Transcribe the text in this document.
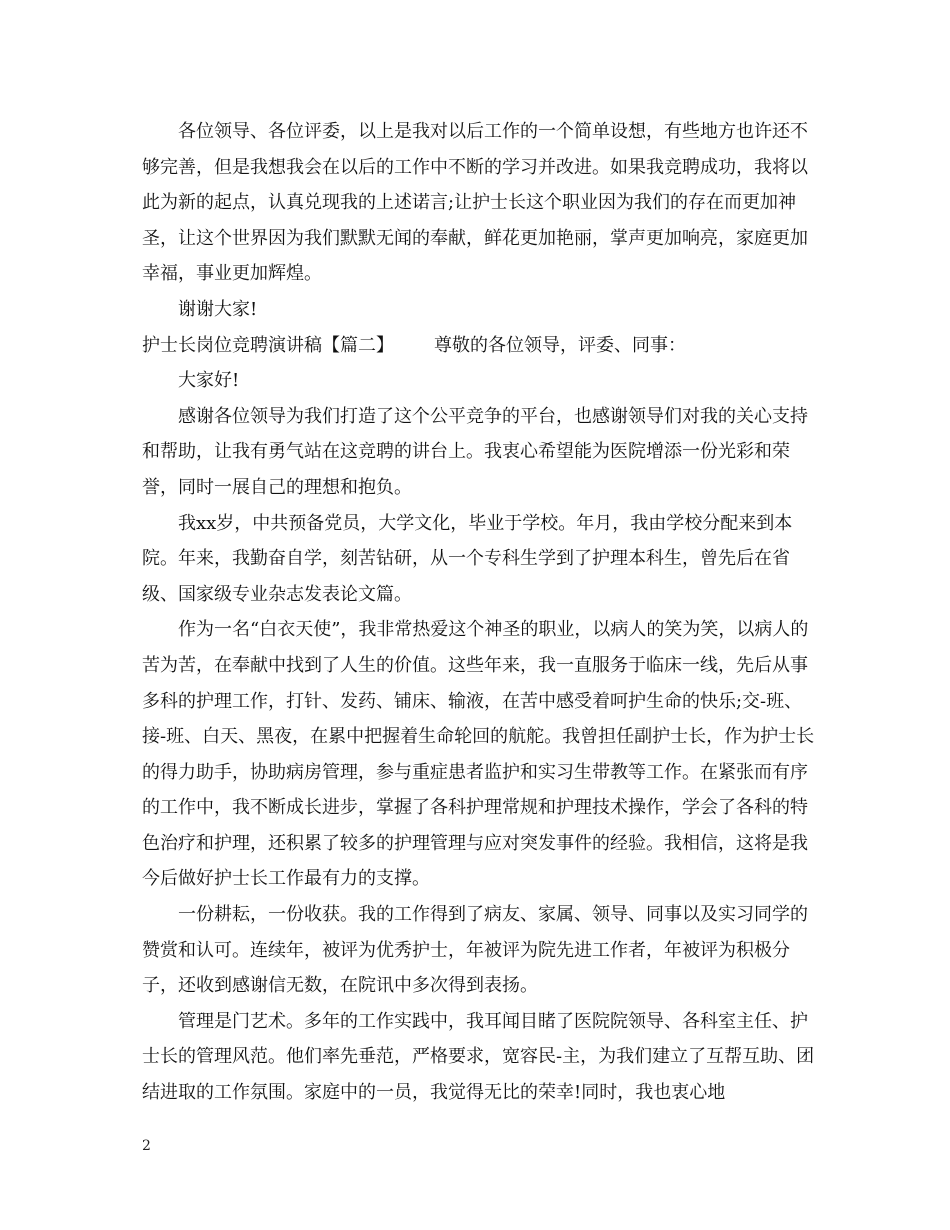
各位领导、各位评委，以上是我对以后工作的一个简单设想，有些地方也许还不够完善，但是我想我会在以后的工作中不断的学习并改进。如果我竞聘成功，我将以此为新的起点，认真兑现我的上述诺言;让护士长这个职业因为我们的存在而更加神圣，让这个世界因为我们默默无闻的奉献，鲜花更加艳丽，掌声更加响亮，家庭更加幸福，事业更加辉煌。

谢谢大家!

护士长岗位竞聘演讲稿【篇二】 尊敬的各位领导，评委、同事：

大家好!

感谢各位领导为我们打造了这个公平竞争的平台，也感谢领导们对我的关心支持和帮助，让我有勇气站在这竞聘的讲台上。我衷心希望能为医院增添一份光彩和荣誉，同时一展自己的理想和抱负。

我xx岁，中共预备党员，大学文化，毕业于学校。年月，我由学校分配来到本院。年来，我勤奋自学，刻苦钻研，从一个专科生学到了护理本科生，曾先后在省级、国家级专业杂志发表论文篇。

作为一名“白衣天使”，我非常热爱这个神圣的职业，以病人的笑为笑，以病人的苦为苦，在奉献中找到了人生的价值。这些年来，我一直服务于临床一线，先后从事多科的护理工作，打针、发药、铺床、输液，在苦中感受着呵护生命的快乐;交-班、接-班、白天、黑夜，在累中把握着生命轮回的航舵。我曾担任副护士长，作为护士长的得力助手，协助病房管理，参与重症患者监护和实习生带教等工作。在紧张而有序的工作中，我不断成长进步，掌握了各科护理常规和护理技术操作，学会了各科的特色治疗和护理，还积累了较多的护理管理与应对突发事件的经验。我相信，这将是我今后做好护士长工作最有力的支撑。

一份耕耘，一份收获。我的工作得到了病友、家属、领导、同事以及实习同学的赞赏和认可。连续年，被评为优秀护士，年被评为院先进工作者，年被评为积极分子，还收到感谢信无数，在院讯中多次得到表扬。

管理是门艺术。多年的工作实践中，我耳闻目睹了医院院领导、各科室主任、护士长的管理风范。他们率先垂范，严格要求，宽容民-主，为我们建立了互帮互助、团结进取的工作氛围。家庭中的一员，我觉得无比的荣幸!同时，我也衷心地

2
